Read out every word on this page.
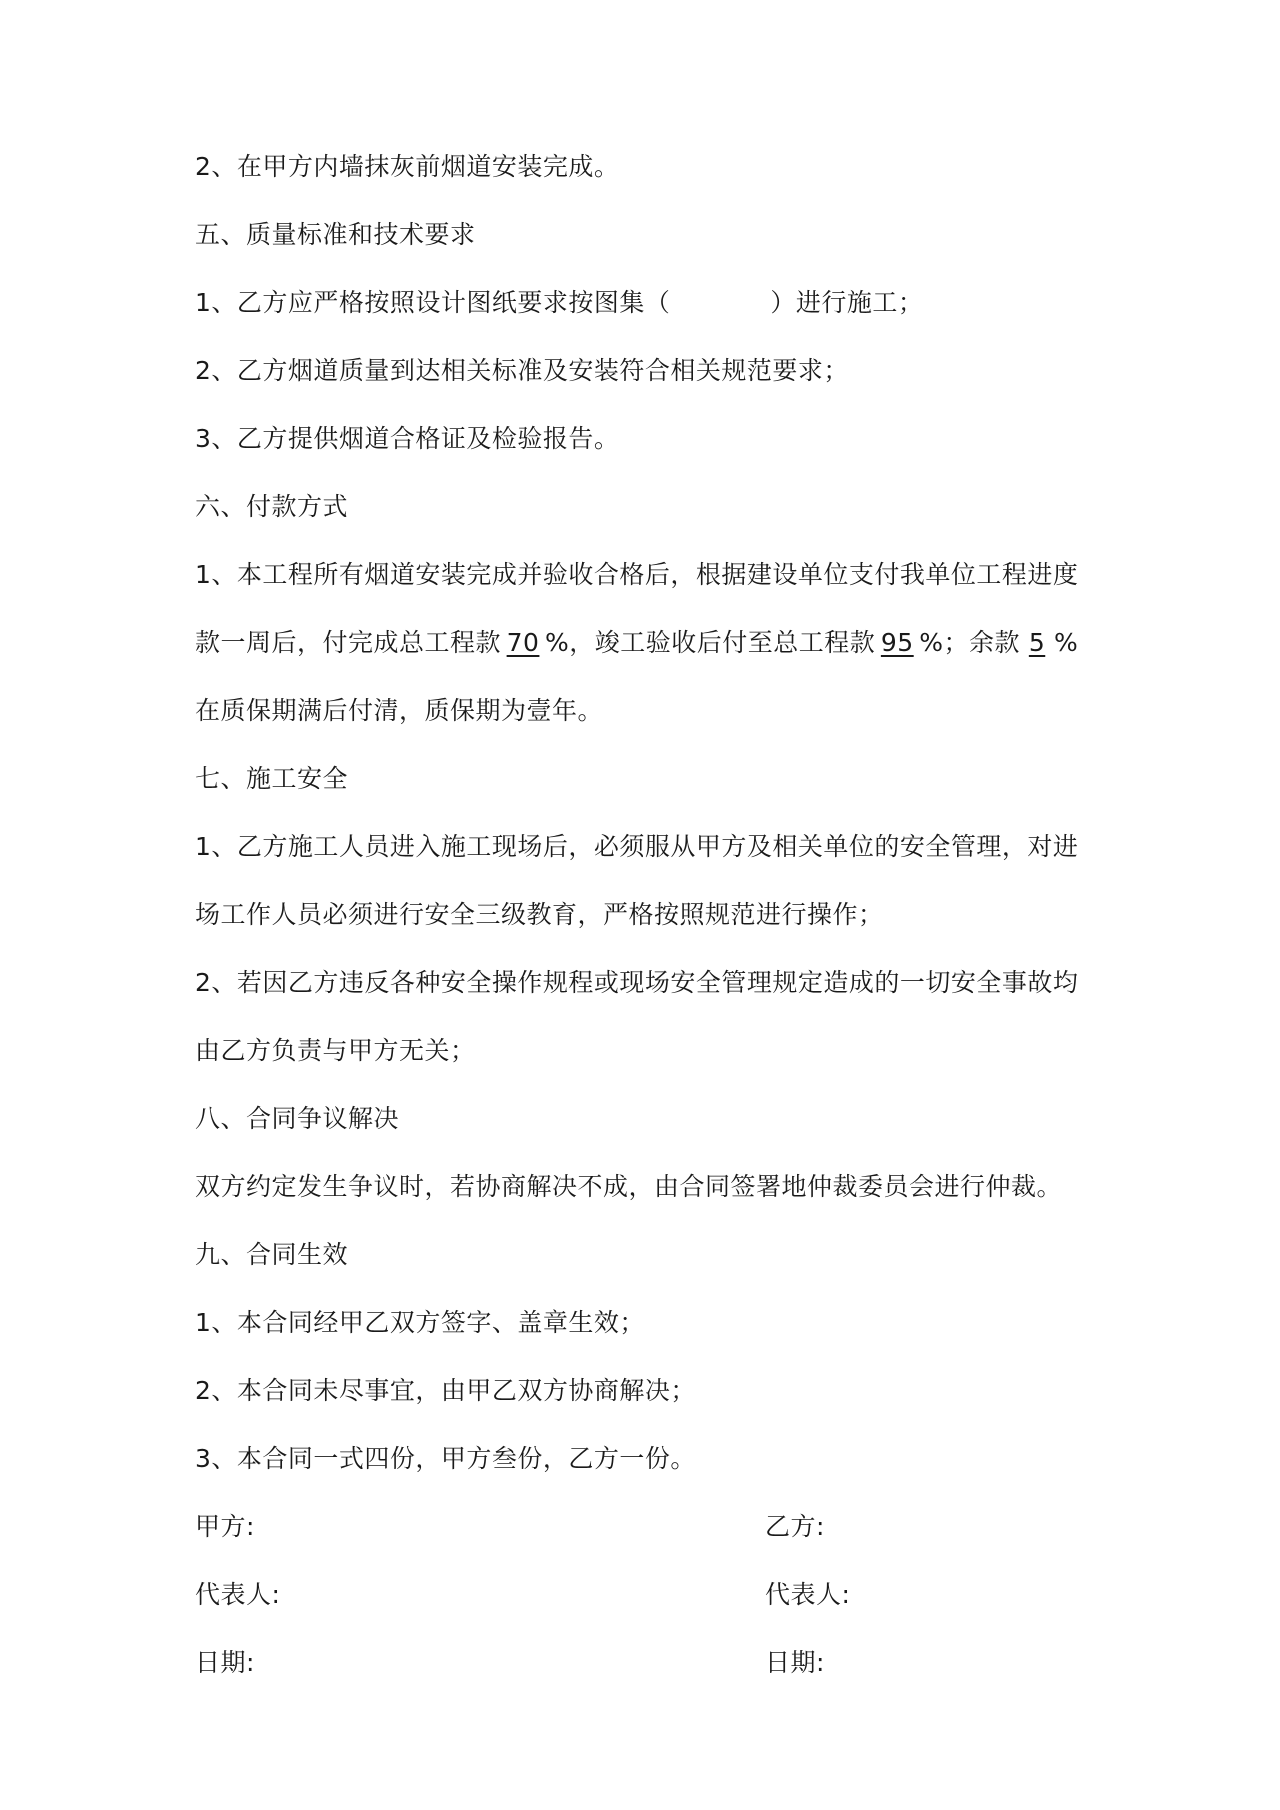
2、在甲方内墙抹灰前烟道安装完成。
五、质量标准和技术要求
1、乙方应严格按照设计图纸要求按图集（	）进行施工；
2、乙方烟道质量到达相关标准及安装符合相关规范要求；
3、乙方提供烟道合格证及检验报告。
六、付款方式
1、本工程所有烟道安装完成并验收合格后，根据建设单位支付我单位工程进度
款一周后，付完成总工程款 70 %，竣工验收后付至总工程款 95 %；余款 5 %
在质保期满后付清，质保期为壹年。
七、施工安全
1、乙方施工人员进入施工现场后，必须服从甲方及相关单位的安全管理，对进
场工作人员必须进行安全三级教育，严格按照规范进行操作；
2、若因乙方违反各种安全操作规程或现场安全管理规定造成的一切安全事故均
由乙方负责与甲方无关；
八、合同争议解决
双方约定发生争议时，若协商解决不成，由合同签署地仲裁委员会进行仲裁。
九、合同生效
1、本合同经甲乙双方签字、盖章生效；
2、本合同未尽事宜，由甲乙双方协商解决；
3、本合同一式四份，甲方叁份，乙方一份。
甲方:	乙方:
代表人:	代表人:
日期:	日期:
